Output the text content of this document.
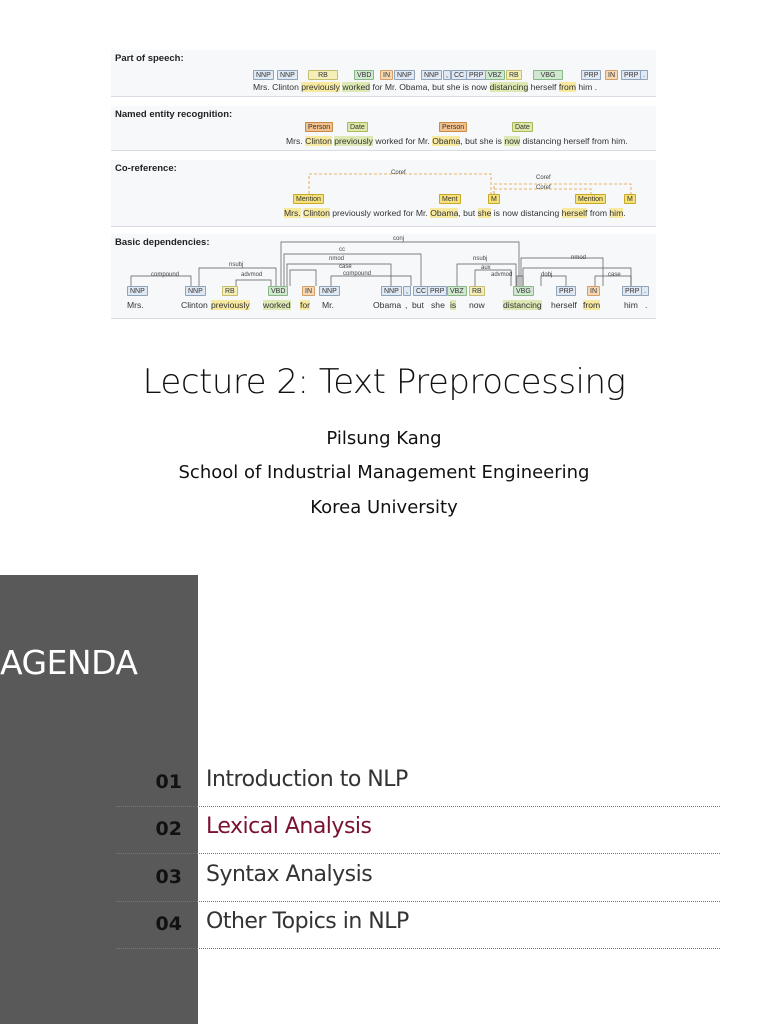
Part of speech:
NNP	NNP	RB	VBD	IN	NNP	NNP	, CC PRP VBZ	RB	VBG	PRP	IN	PRP .
Mrs. Clinton previously worked for Mr. Obama, but she is now distancing herself from him .
Named entity recognition:
Person	Date	Person	Date
Mrs. Clinton previously worked for Mr. Obama, but she is now distancing herself from him.
Co-reference:	Coref
Coref
Coref
Mention	Ment	M	Mention	M
Mrs. Clinton previously worked for Mr. Obama, but she is now distancing herself from him.
Basic dependencies:	conj
cc
nmod
case
compound
nsubj
advmod
compound
nsubj
aux
advmod
nmod
dobj	case
NNP	NNP	RB	VBD	IN	NNP	NNP	,	CC PRP VBZ	RB	VBG	PRP	IN	PRP .
Mrs.	Clinton previously worked for Mr.	Obama , but she is now distancing herself from	him .
Lecture 2: Text Preprocessing
Pilsung Kang
School of Industrial Management Engineering
Korea University
AGENDA
01 Introduction to NLP
02 Lexical Analysis
03 Syntax Analysis
04 Other Topics in NLP
